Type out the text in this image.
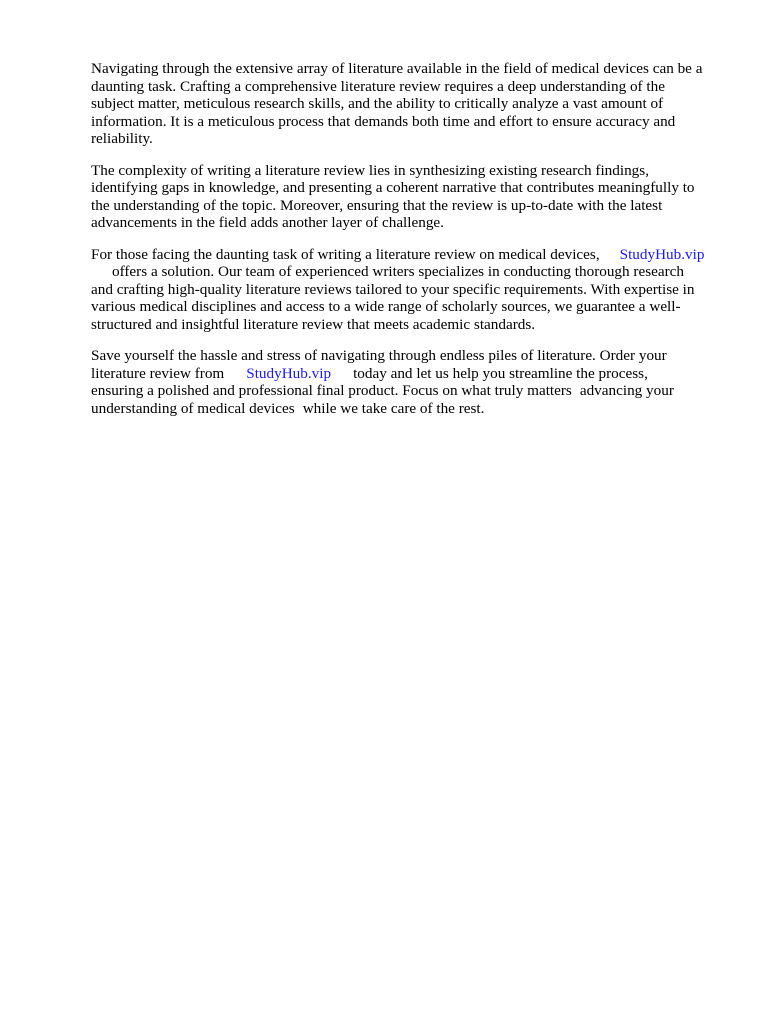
Navigating through the extensive array of literature available in the field of medical devices can be a
daunting task. Crafting a comprehensive literature review requires a deep understanding of the
subject matter, meticulous research skills, and the ability to critically analyze a vast amount of
information. It is a meticulous process that demands both time and effort to ensure accuracy and
reliability.
The complexity of writing a literature review lies in synthesizing existing research findings,
identifying gaps in knowledge, and presenting a coherent narrative that contributes meaningfully to
the understanding of the topic. Moreover, ensuring that the review is up-to-date with the latest
advancements in the field adds another layer of challenge.
For those facing the daunting task of writing a literature review on medical devices, StudyHub.vip
offers a solution. Our team of experienced writers specializes in conducting thorough research
and crafting high-quality literature reviews tailored to your specific requirements. With expertise in
various medical disciplines and access to a wide range of scholarly sources, we guarantee a well-
structured and insightful literature review that meets academic standards.
Save yourself the hassle and stress of navigating through endless piles of literature. Order your
literature review from StudyHub.vip today and let us help you streamline the process,
ensuring a polished and professional final product. Focus on what truly matters advancing your
understanding of medical devices while we take care of the rest.
